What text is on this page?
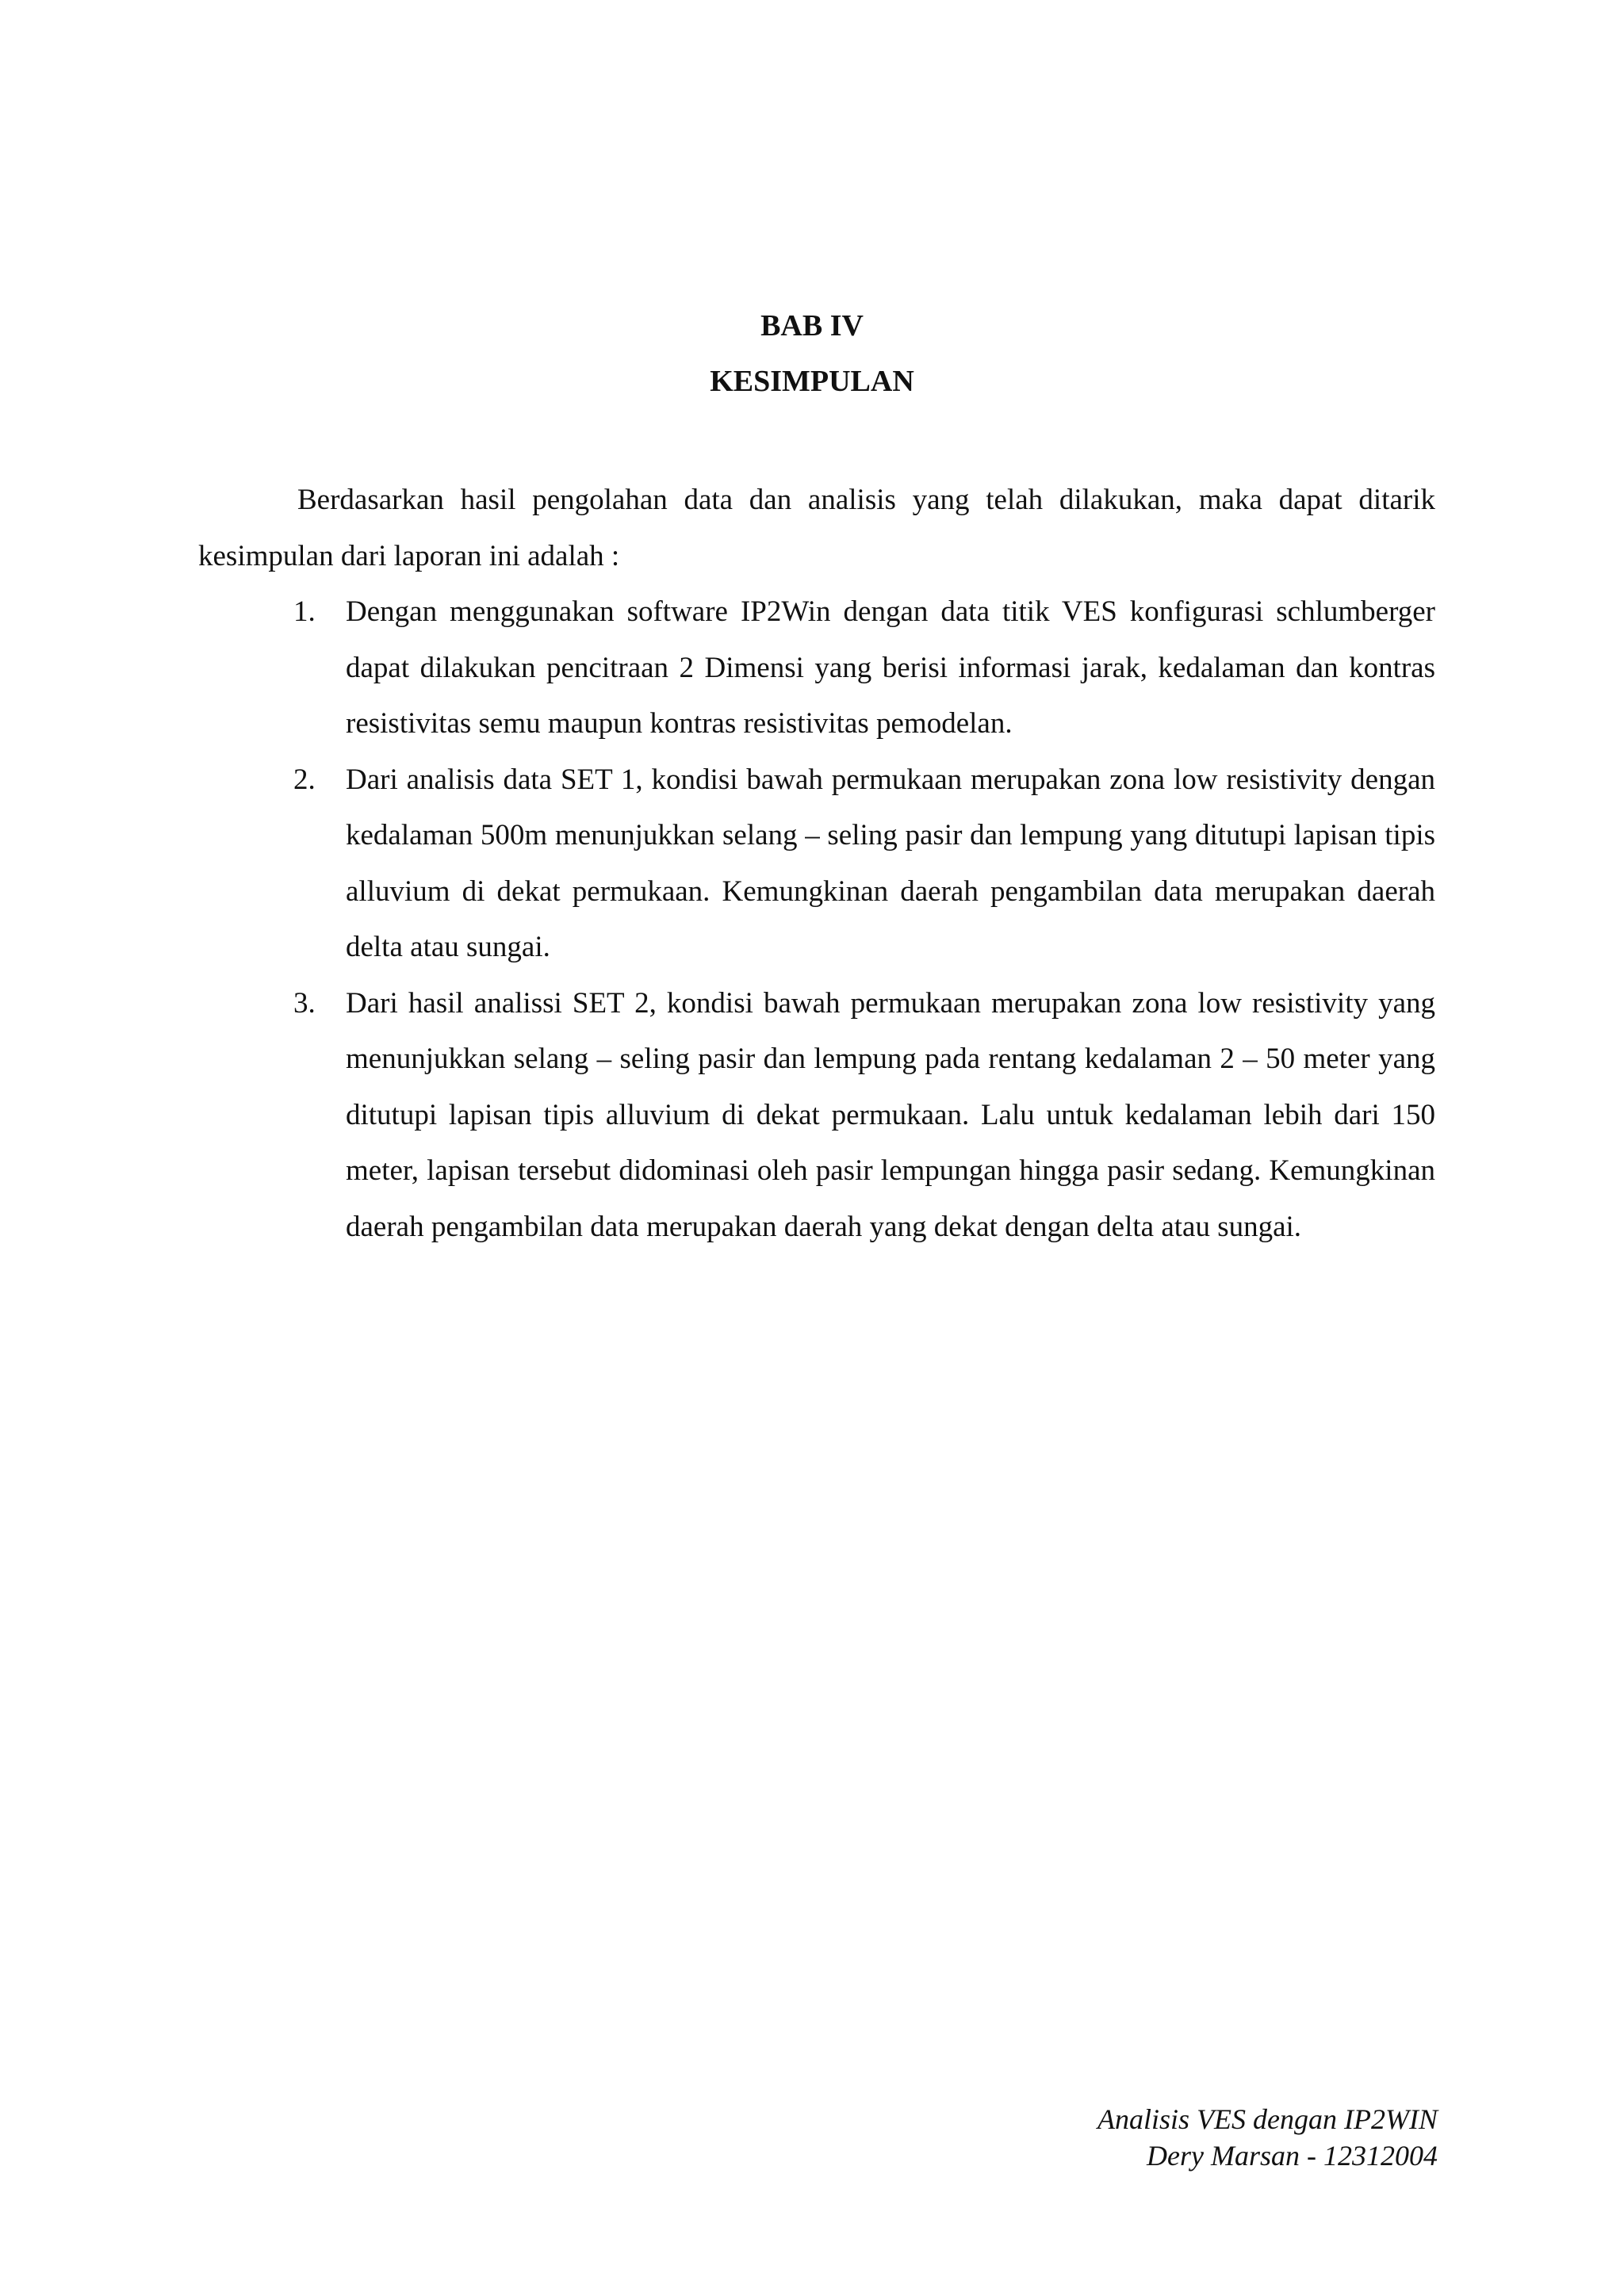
BAB IV
KESIMPULAN

Berdasarkan hasil pengolahan data dan analisis yang telah dilakukan, maka dapat ditarik kesimpulan dari laporan ini adalah :

1. Dengan menggunakan software IP2Win dengan data titik VES konfigurasi schlumberger dapat dilakukan pencitraan 2 Dimensi yang berisi informasi jarak, kedalaman dan kontras resistivitas semu maupun kontras resistivitas pemodelan.
2. Dari analisis data SET 1, kondisi bawah permukaan merupakan zona low resistivity dengan kedalaman 500m menunjukkan selang – seling pasir dan lempung yang ditutupi lapisan tipis alluvium di dekat permukaan. Kemungkinan daerah pengambilan data merupakan daerah delta atau sungai.
3. Dari hasil analissi SET 2, kondisi bawah permukaan merupakan zona low resistivity yang menunjukkan selang – seling pasir dan lempung pada rentang kedalaman 2 – 50 meter yang ditutupi lapisan tipis alluvium di dekat permukaan. Lalu untuk kedalaman lebih dari 150 meter, lapisan tersebut didominasi oleh pasir lempungan hingga pasir sedang. Kemungkinan daerah pengambilan data merupakan daerah yang dekat dengan delta atau sungai.
Analisis VES dengan IP2WIN
Dery Marsan - 12312004
